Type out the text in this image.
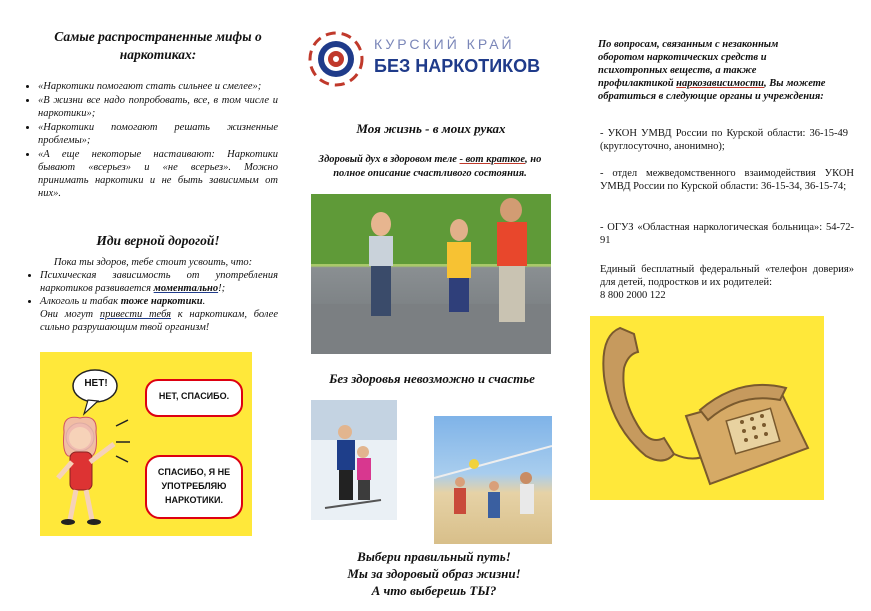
Самые распространенные мифы о наркотиках:
• «Наркотики помогают стать сильнее и смелее»;
• «В жизни все надо попробовать, все, в том числе и наркотики»;
• «Наркотики помогают решать жизненные проблемы»;
• «А еще некоторые настаивают: Наркотики бывают «всерьез» и «не всерьез». Можно принимать наркотики и не быть зависимым от них».
Иди верной дорогой!
Пока ты здоров, тебе стоит усвоить, что:
• Психическая зависимость от употребления наркотиков развивается моментально!;
• Алкоголь и табак тоже наркотики.
Они могут привести тебя к наркотикам, более сильно разрушающим твой организм!
НЕТ!
НЕТ, СПАСИБО.
СПАСИБО, Я НЕ УПОТРЕБЛЯЮ НАРКОТИКИ.
КУРСКИЙ КРАЙ
БЕЗ НАРКОТИКОВ
Моя жизнь - в моих руках
Здоровый дух в здоровом теле - вот краткое, но полное описание счастливого состояния.
Без здоровья невозможно и счастье
Выбери правильный путь!
Мы за здоровый образ жизни!
А что выберешь ТЫ?
По вопросам, связанным с незаконным оборотом наркотических средств и психотропных веществ, а также профилактикой наркозависимости, Вы можете обратиться в следующие органы и учреждения:
- УКОН УМВД России по Курской области: 36-15-49 (круглосуточно, анонимно);
- отдел межведомственного взаимодействия УКОН УМВД России по Курской области: 36-15-34, 36-15-74;
- ОГУЗ «Областная наркологическая больница»: 54-72-91
Единый бесплатный федеральный «телефон доверия» для детей, подростков и их родителей:
8 800 2000 122
